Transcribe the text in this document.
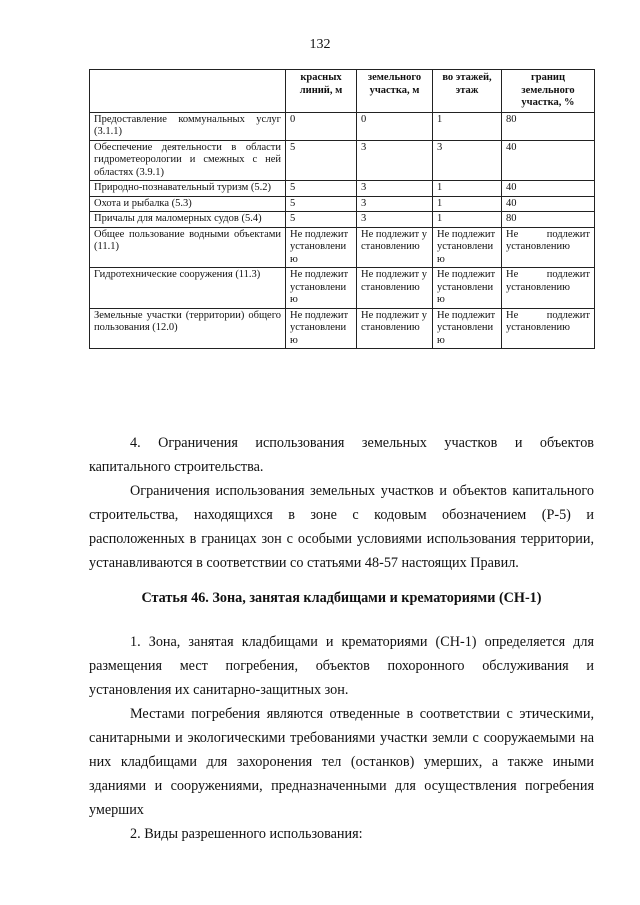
132
	красных линий, м	земельного участка, м	во этажей, этаж	границ земельного участка, %
Предоставление коммунальных услуг (3.1.1)	0	0	1	80
Обеспечение деятельности в области гидрометеорологии и смежных с ней областях (3.9.1)	5	3	3	40
Природно-познавательный туризм (5.2)	5	3	1	40
Охота и рыбалка (5.3)	5	3	1	40
Причалы для маломерных судов (5.4)	5	3	1	80
Общее пользование водными объектами (11.1)	Не подлежит установлению	Не подлежит установлению	Не подлежит установлению	Не подлежит установлению
Гидротехнические сооружения (11.3)	Не подлежит установлению	Не подлежит установлению	Не подлежит установлению	Не подлежит установлению
Земельные участки (территории) общего пользования (12.0)	Не подлежит установлению	Не подлежит установлению	Не подлежит установлению	Не подлежит установлению

4. Ограничения использования земельных участков и объектов капитального строительства.

Ограничения использования земельных участков и объектов капитального строительства, находящихся в зоне с кодовым обозначением (Р-5) и расположенных в границах зон с особыми условиями использования территории, устанавливаются в соответствии со статьями 48-57 настоящих Правил.

Статья 46. Зона, занятая кладбищами и крематориями (СН-1)

1. Зона, занятая кладбищами и крематориями (СН-1) определяется для размещения мест погребения, объектов похоронного обслуживания и установления их санитарно-защитных зон.

Местами погребения являются отведенные в соответствии с этическими, санитарными и экологическими требованиями участки земли с сооружаемыми на них кладбищами для захоронения тел (останков) умерших, а также иными зданиями и сооружениями, предназначенными для осуществления погребения умерших

2. Виды разрешенного использования:
